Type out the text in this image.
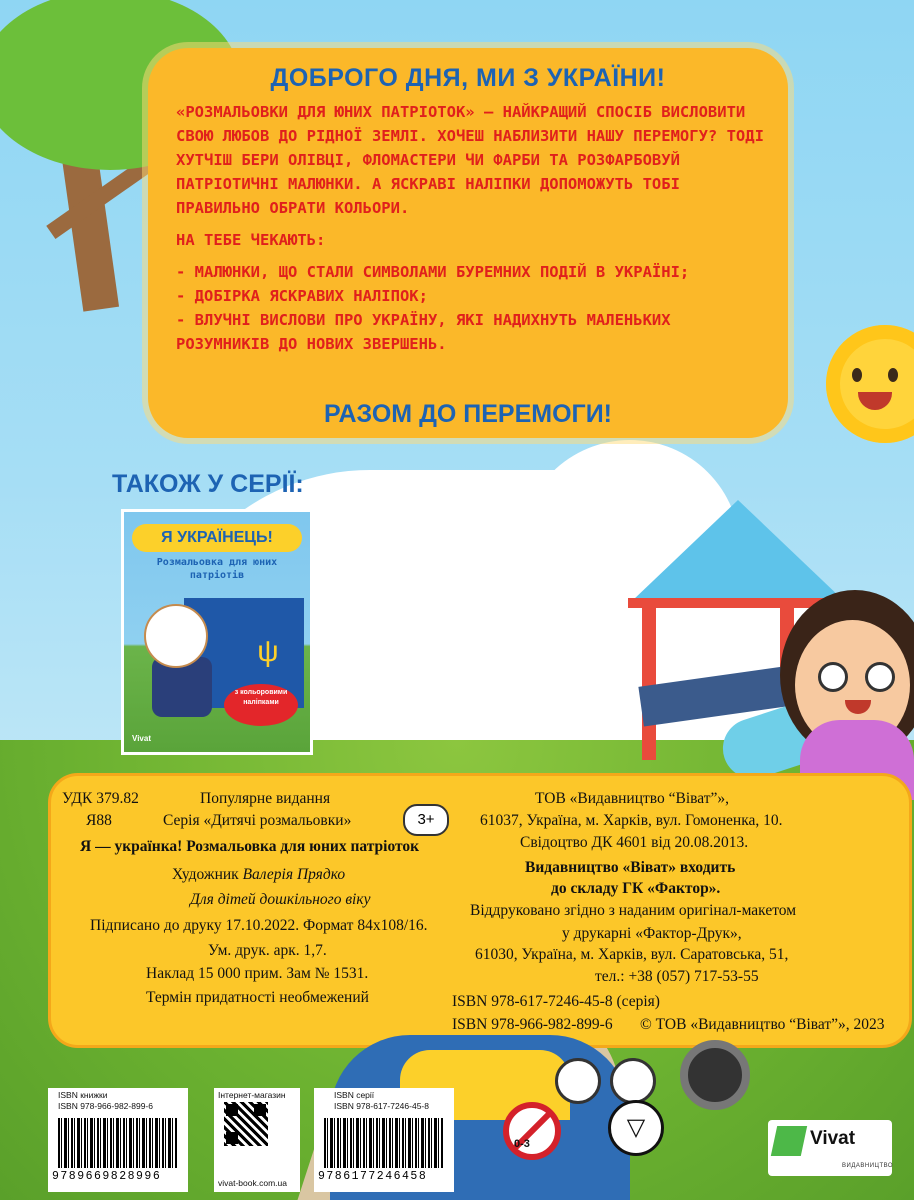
ДОБРОГО ДНЯ, МИ З УКРАЇНИ!

«РОЗМАЛЬОВКИ ДЛЯ ЮНИХ ПАТРІОТОК» — НАЙКРАЩИЙ СПОСІБ ВИСЛОВИТИ СВОЮ ЛЮБОВ ДО РІДНОЇ ЗЕМЛІ. ХОЧЕШ НАБЛИЗИТИ НАШУ ПЕРЕМОГУ? ТОДІ ХУТЧІШ БЕРИ ОЛІВЦІ, ФЛОМАСТЕРИ ЧИ ФАРБИ ТА РОЗФАРБОВУЙ ПАТРІОТИЧНІ МАЛЮНКИ. А ЯСКРАВІ НАЛІПКИ ДОПОМОЖУТЬ ТОБІ ПРАВИЛЬНО ОБРАТИ КОЛЬОРИ.

НА ТЕБЕ ЧЕКАЮТЬ:

- МАЛЮНКИ, ЩО СТАЛИ СИМВОЛАМИ БУРЕМНИХ ПОДІЙ В УКРАЇНІ;
- ДОБІРКА ЯСКРАВИХ НАЛІПОК;
- ВЛУЧНІ ВИСЛОВИ ПРО УКРАЇНУ, ЯКІ НАДИХНУТЬ МАЛЕНЬКИХ РОЗУМНИКІВ ДО НОВИХ ЗВЕРШЕНЬ.
РАЗОМ ДО ПЕРЕМОГИ!
ТАКОЖ У СЕРІЇ:
ψ
Я УКРАЇНЕЦЬ!
Розмальовка для юних патріотів
з кольоровими наліпками
Vivat
УДК 379.82
Я88
Популярне видання
Серія «Дитячі розмальовки»	3+
Я — українка! Розмальовка для юних патріоток
Художник Валерія Прядко
Для дітей дошкільного віку
Підписано до друку 17.10.2022. Формат 84x108/16.
Ум. друк. арк. 1,7.
Наклад 15 000 прим. Зам № 1531.
Термін придатності необмежений
ТОВ «Видавництво “Віват”»,
61037, Україна, м. Харків, вул. Гомоненка, 10.
Свідоцтво ДК 4601 від 20.08.2013.
Видавництво «Віват» входить
до складу ГК «Фактор».
Віддруковано згідно з наданим оригінал-макетом
у друкарні «Фактор-Друк»,
61030, Україна, м. Харків, вул. Саратовська, 51,
тел.: +38 (057) 717-53-55
ISBN 978-617-7246-45-8 (серія)
ISBN 978-966-982-899-6 © ТОВ «Видавництво “Віват”», 2023
ISBN книжки
ISBN 978-966-982-899-6
9789669828996
Інтернет-магазин
vivat-book.com.ua
ISBN серії
ISBN 978-617-7246-45-8
9786177246458
0-3
▽	Vivat
ВИДАВНИЦТВО
